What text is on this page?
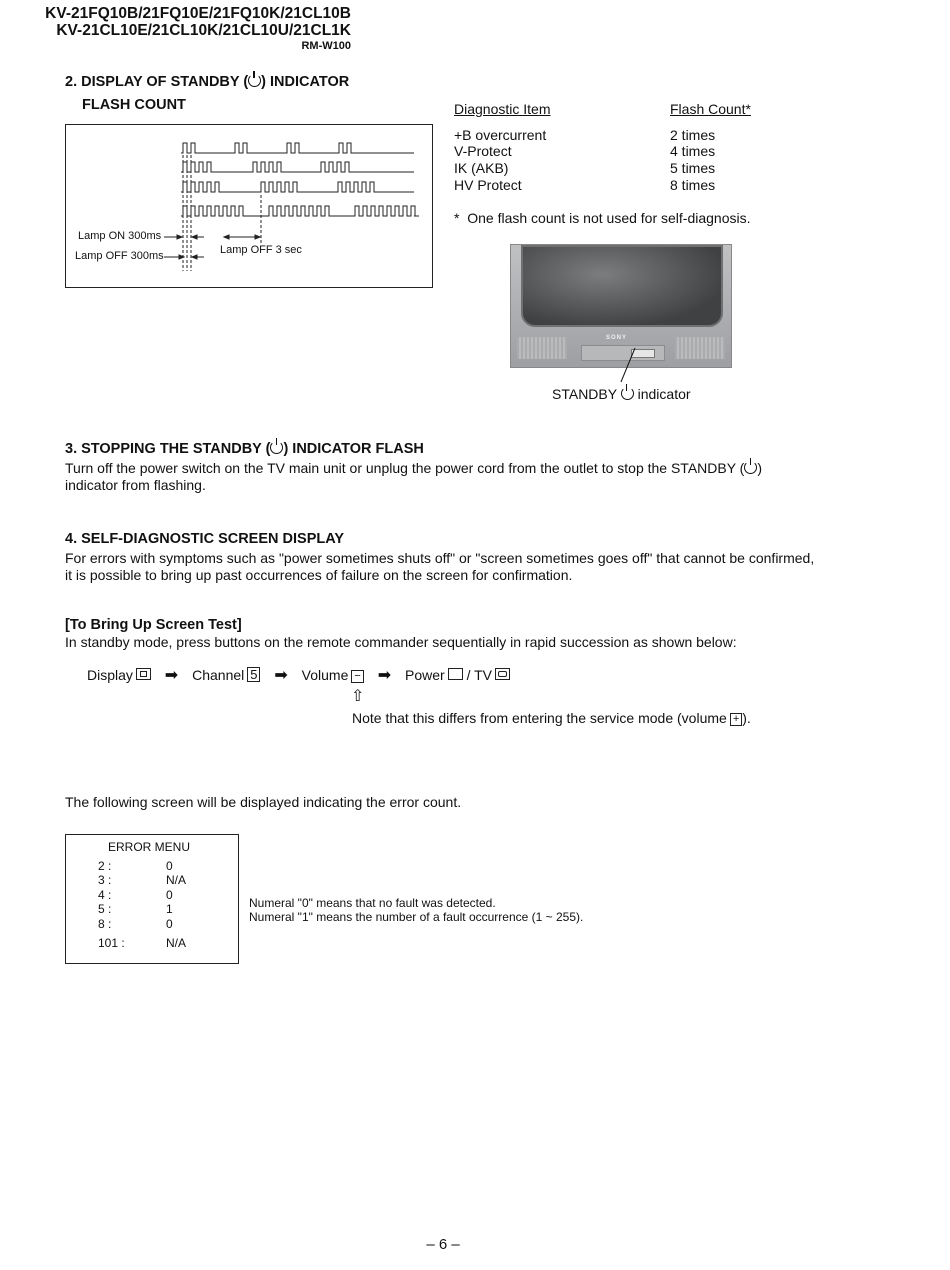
KV-21FQ10B/21FQ10E/21FQ10K/21CL10B
KV-21CL10E/21CL10K/21CL10U/21CL1K
RM-W100
2. DISPLAY OF STANDBY ( ) INDICATOR
FLASH COUNT
Lamp ON 300ms
Lamp OFF 300ms	Lamp OFF 3 sec
Diagnostic Item	Flash Count*
+B overcurrent	2 times
V-Protect	4 times
IK (AKB)	5 times
HV Protect	8 times
*  One flash count is not used for self-diagnosis.
SONY
STANDBY indicator
3. STOPPING THE STANDBY ( ) INDICATOR FLASH
Turn off the power switch on the TV main unit or unplug the power cord from the outlet to stop the STANDBY ( )
indicator from flashing.
4. SELF-DIAGNOSTIC SCREEN DISPLAY
For errors with symptoms such as "power sometimes shuts off" or "screen sometimes goes off" that cannot be confirmed,
it is possible to bring up past occurrences of failure on the screen for confirmation.
[To Bring Up Screen Test]
In standby mode, press buttons on the remote commander sequentially in rapid succession as shown below:
Display ➡ Channel 5 ➡ Volume − ➡ Power / TV
⇧
Note that this differs from entering the service mode (volume + ).
The following screen will be displayed indicating the error count.
ERROR MENU
2 :	0
3 :	N/A
4 :	0
5 :	1
8 :	0
101 :	N/A
Numeral "0" means that no fault was detected.
Numeral "1" means the number of a fault occurrence (1 ~ 255).
– 6 –
